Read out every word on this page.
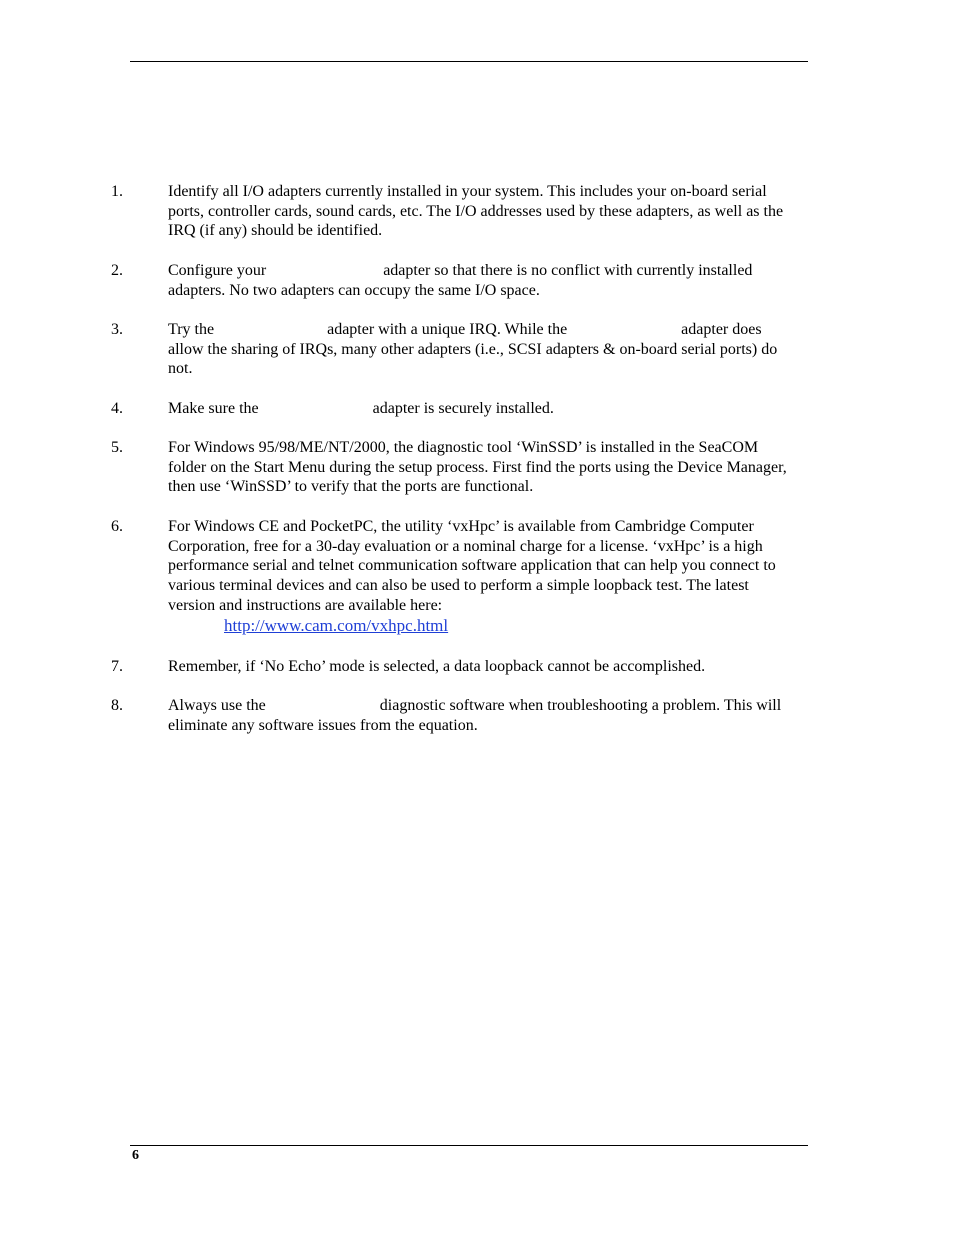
1.	Identify all I/O adapters currently installed in your system. This includes your on-board serial
ports, controller cards, sound cards, etc. The I/O addresses used by these adapters, as well as the
IRQ (if any) should be identified.
2.	Configure your	adapter so that there is no conflict with currently installed
adapters. No two adapters can occupy the same I/O space.
3.	Try the	adapter with a unique IRQ. While the	adapter does
allow the sharing of IRQs, many other adapters (i.e., SCSI adapters & on-board serial ports) do
not.
4.	Make sure the	adapter is securely installed.
5.	For Windows 95/98/ME/NT/2000, the diagnostic tool ‘WinSSD’ is installed in the SeaCOM
folder on the Start Menu during the setup process. First find the ports using the Device Manager,
then use ‘WinSSD’ to verify that the ports are functional.
6.	For Windows CE and PocketPC, the utility ‘vxHpc’ is available from Cambridge Computer
Corporation, free for a 30-day evaluation or a nominal charge for a license. ‘vxHpc’ is a high
performance serial and telnet communication software application that can help you connect to
various terminal devices and can also be used to perform a simple loopback test. The latest
version and instructions are available here:
http://www.cam.com/vxhpc.html
7.	Remember, if ‘No Echo’ mode is selected, a data loopback cannot be accomplished.
8.	Always use the	diagnostic software when troubleshooting a problem. This will
eliminate any software issues from the equation.
6
